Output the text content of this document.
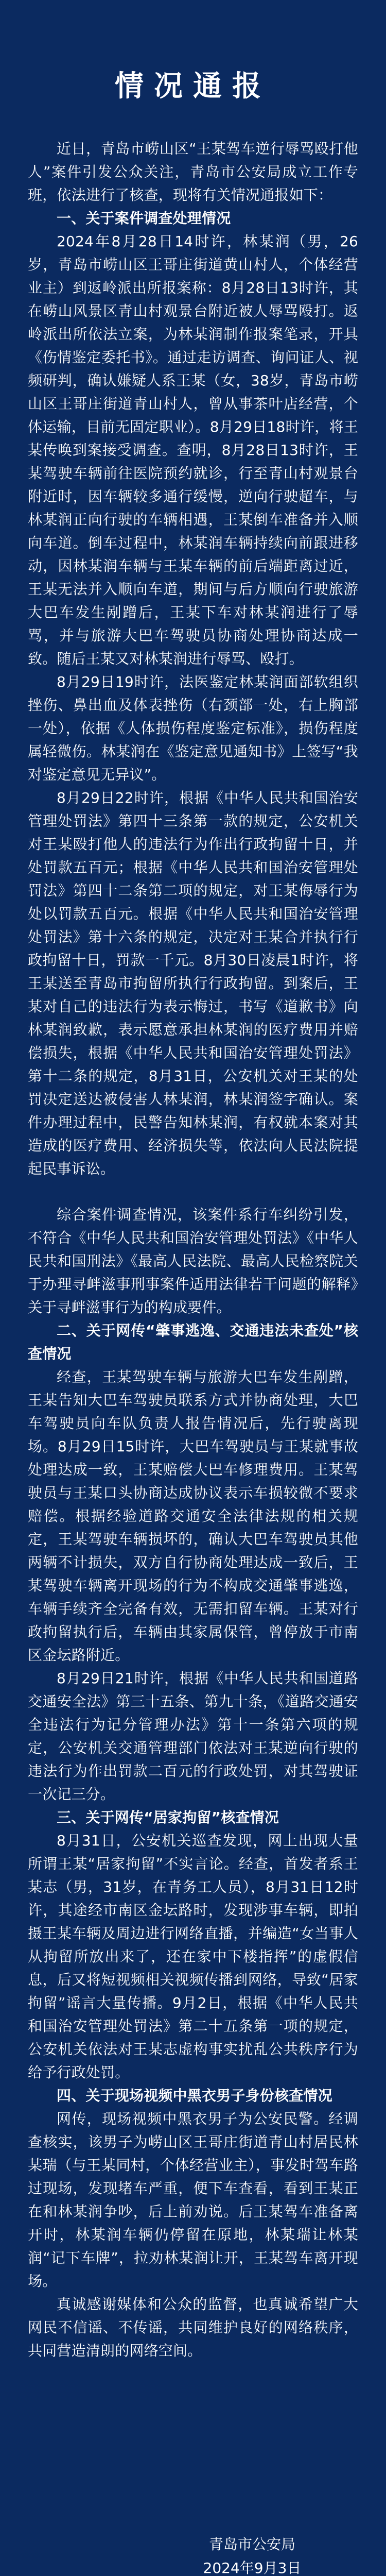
情况通报

近日，青岛市崂山区“王某驾车逆行辱骂殴打他人”案件引发公众关注，青岛市公安局成立工作专班，依法进行了核查，现将有关情况通报如下：

一、关于案件调查处理情况

2024年8月28日14时许，林某润（男，26岁，青岛市崂山区王哥庄街道黄山村人，个体经营业主）到返岭派出所报案称：8月28日13时许，其在崂山风景区青山村观景台附近被人辱骂殴打。返岭派出所依法立案，为林某润制作报案笔录，开具《伤情鉴定委托书》。通过走访调查、询问证人、视频研判，确认嫌疑人系王某（女，38岁，青岛市崂山区王哥庄街道青山村人，曾从事茶叶店经营，个体运输，目前无固定职业）。8月29日18时许，将王某传唤到案接受调查。查明，8月28日13时许，王某驾驶车辆前往医院预约就诊，行至青山村观景台附近时，因车辆较多通行缓慢，逆向行驶超车，与林某润正向行驶的车辆相遇，王某倒车准备并入顺向车道。倒车过程中，林某润车辆持续向前跟进移动，因林某润车辆与王某车辆的前后端距离过近，王某无法并入顺向车道，期间与后方顺向行驶旅游大巴车发生剐蹭后，王某下车对林某润进行了辱骂，并与旅游大巴车驾驶员协商处理协商达成一致。随后王某又对林某润进行辱骂、殴打。

8月29日19时许，法医鉴定林某润面部软组织挫伤、鼻出血及体表挫伤（右颈部一处，右上胸部一处），依据《人体损伤程度鉴定标准》，损伤程度属轻微伤。林某润在《鉴定意见通知书》上签写“我对鉴定意见无异议”。

8月29日22时许，根据《中华人民共和国治安管理处罚法》第四十三条第一款的规定，公安机关对王某殴打他人的违法行为作出行政拘留十日，并处罚款五百元；根据《中华人民共和国治安管理处罚法》第四十二条第二项的规定，对王某侮辱行为处以罚款五百元。根据《中华人民共和国治安管理处罚法》第十六条的规定，决定对王某合并执行行政拘留十日，罚款一千元。8月30日凌晨1时许，将王某送至青岛市拘留所执行行政拘留。到案后，王某对自己的违法行为表示悔过，书写《道歉书》向林某润致歉，表示愿意承担林某润的医疗费用并赔偿损失，根据《中华人民共和国治安管理处罚法》第十二条的规定，8月31日，公安机关对王某的处罚决定送达被侵害人林某润，林某润签字确认。案件办理过程中，民警告知林某润，有权就本案对其造成的医疗费用、经济损失等，依法向人民法院提起民事诉讼。

综合案件调查情况，该案件系行车纠纷引发，不符合《中华人民共和国治安管理处罚法》《中华人民共和国刑法》《最高人民法院、最高人民检察院关于办理寻衅滋事刑事案件适用法律若干问题的解释》关于寻衅滋事行为的构成要件。

二、关于网传“肇事逃逸、交通违法未查处”核查情况

经查，王某驾驶车辆与旅游大巴车发生剐蹭，王某告知大巴车驾驶员联系方式并协商处理，大巴车驾驶员向车队负责人报告情况后，先行驶离现场。8月29日15时许，大巴车驾驶员与王某就事故处理达成一致，王某赔偿大巴车修理费用。王某驾驶员与王某口头协商达成协议表示车损较微不要求赔偿。根据经验道路交通安全法律法规的相关规定，王某驾驶车辆损坏的，确认大巴车驾驶员其他两辆不计损失，双方自行协商处理达成一致后，王某驾驶车辆离开现场的行为不构成交通肇事逃逸，车辆手续齐全完备有效，无需扣留车辆。王某对行政拘留执行后，车辆由其家属保管，曾停放于市南区金坛路附近。

8月29日21时许，根据《中华人民共和国道路交通安全法》第三十五条、第九十条，《道路交通安全违法行为记分管理办法》第十一条第六项的规定，公安机关交通管理部门依法对王某逆向行驶的违法行为作出罚款二百元的行政处罚，对其驾驶证一次记三分。

三、关于网传“居家拘留”核查情况

8月31日，公安机关巡查发现，网上出现大量所谓王某“居家拘留”不实言论。经查，首发者系王某志（男，31岁，在青务工人员），8月31日12时许，其途经市南区金坛路时，发现涉事车辆，即拍摄王某车辆及周边进行网络直播，并编造“女当事人从拘留所放出来了，还在家中下楼指挥”的虚假信息，后又将短视频相关视频传播到网络，导致“居家拘留”谣言大量传播。9月2日，根据《中华人民共和国治安管理处罚法》第二十五条第一项的规定，公安机关依法对王某志虚构事实扰乱公共秩序行为给予行政处罚。

四、关于现场视频中黑衣男子身份核查情况

网传，现场视频中黑衣男子为公安民警。经调查核实，该男子为崂山区王哥庄街道青山村居民林某瑞（与王某同村，个体经营业主），事发时驾车路过现场，发现堵车严重，便下车查看，看到王某正在和林某润争吵，后上前劝说。后王某驾车准备离开时，林某润车辆仍停留在原地，林某瑞让林某润“记下车牌”，拉劝林某润让开，王某驾车离开现场。

真诚感谢媒体和公众的监督，也真诚希望广大网民不信谣、不传谣，共同维护良好的网络秩序，共同营造清朗的网络空间。

青岛市公安局
2024年9月3日
